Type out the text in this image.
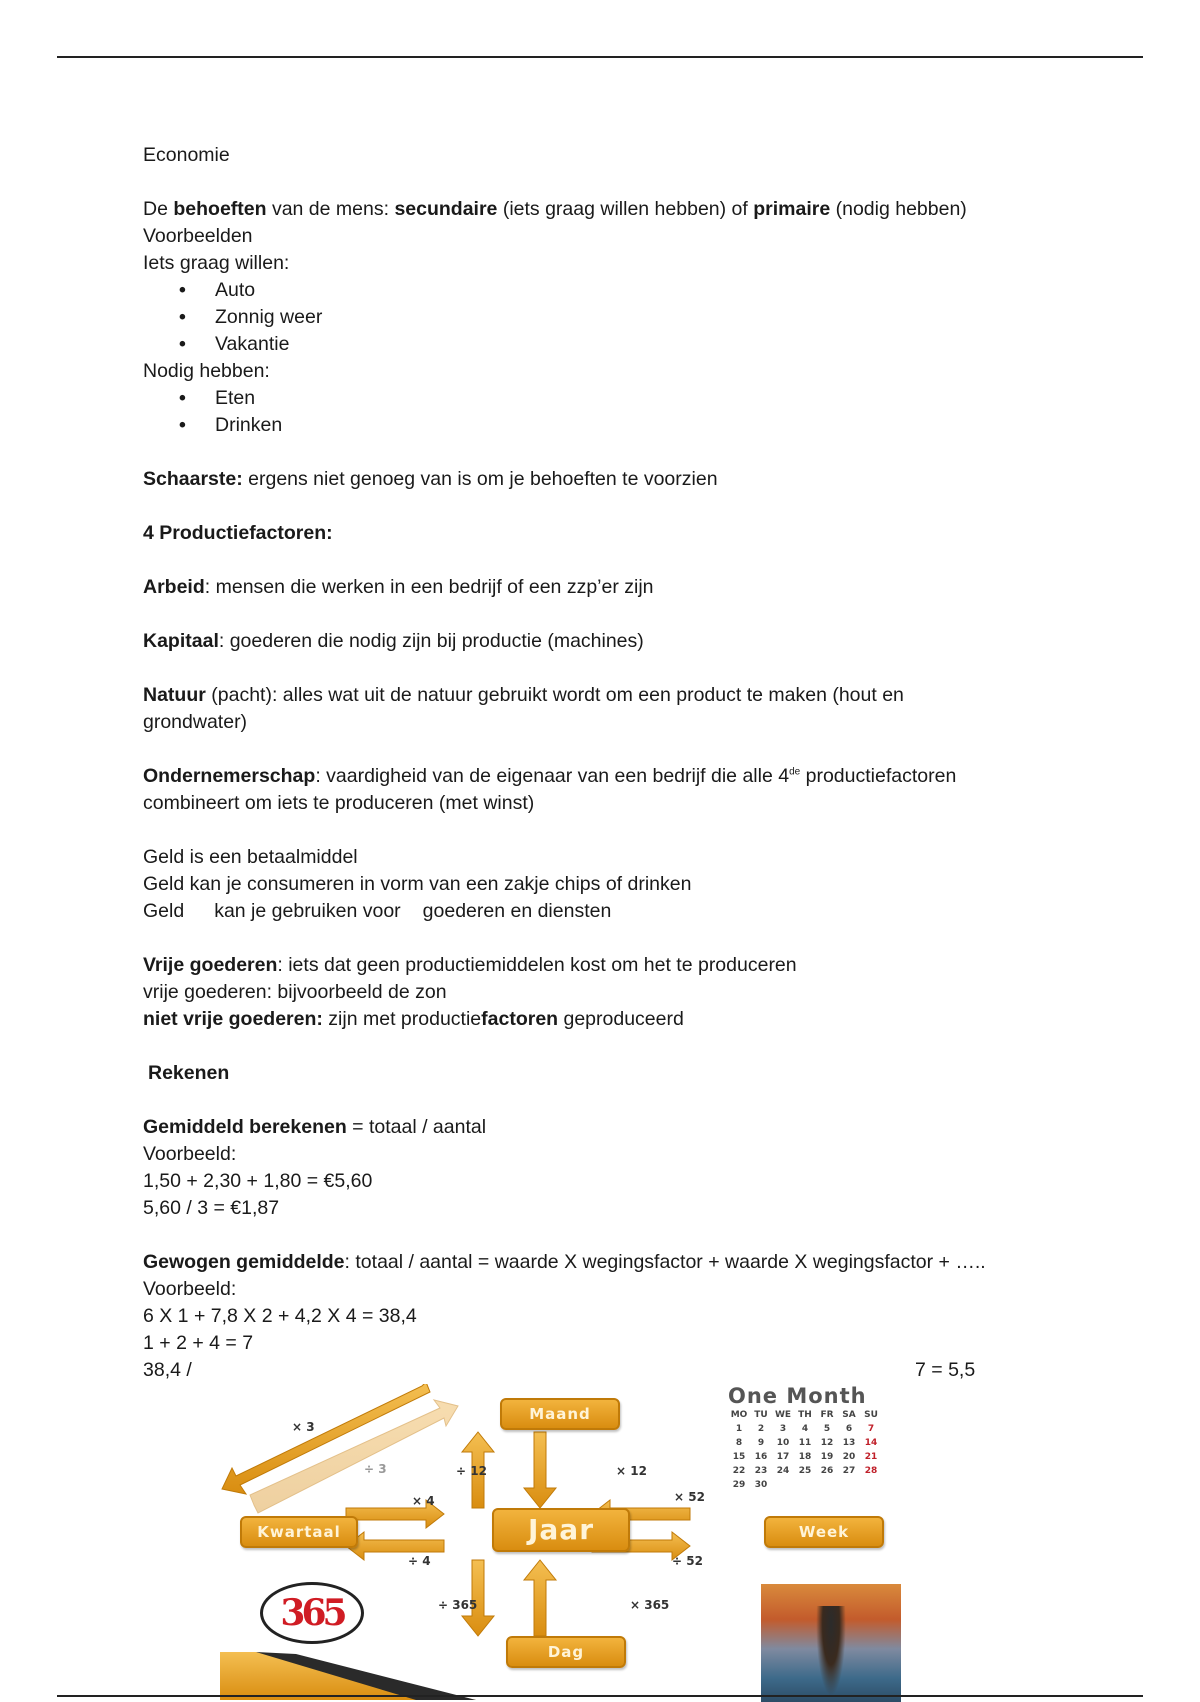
Economie

De behoeften van de mens: secundaire (iets graag willen hebben) of primaire (nodig hebben)

Voorbeelden

Iets graag willen:

• Auto
• Zonnig weer
• Vakantie

Nodig hebben:

• Eten
• Drinken

Schaarste: ergens niet genoeg van is om je behoeften te voorzien

4 Productiefactoren:

Arbeid: mensen die werken in een bedrijf of een zzp’er zijn

Kapitaal: goederen die nodig zijn bij productie (machines)

Natuur (pacht): alles wat uit de natuur gebruikt wordt om een product te maken (hout en grondwater)

Ondernemerschap: vaardigheid van de eigenaar van een bedrijf die alle 4de productiefactoren combineert om iets te produceren (met winst)

Geld is een betaalmiddel

Geld kan je consumeren in vorm van een zakje chips of drinken

Geld kan je gebruiken voor goederen en diensten

Vrije goederen: iets dat geen productiemiddelen kost om het te produceren

vrije goederen: bijvoorbeeld de zon

niet vrije goederen: zijn met productiefactoren geproduceerd

Rekenen

Gemiddeld berekenen = totaal / aantal

Voorbeeld:

1,50 + 2,30 + 1,80 = €5,60

5,60 / 3 = €1,87

Gewogen gemiddelde: totaal / aantal = waarde X wegingsfactor + waarde X wegingsfactor + …..

Voorbeeld:

6 X 1 + 7,8 X 2 + 4,2 X 4 = 38,4

1 + 2 + 4 = 7

38,4 /	7 = 5,5

Maand
Kwartaal	Jaar	Week
Dag
× 3
÷ 3	÷ 12	× 12
× 4
÷ 4
× 52
÷ 52
÷ 365	× 365
One Month
MO TU WE TH FR SA SU
1	2	3	4	5	6	7
8	9	10	11	12	13	14
15	16	17	18	19	20	21
22	23	24	25	26	27	28
29	30
365
